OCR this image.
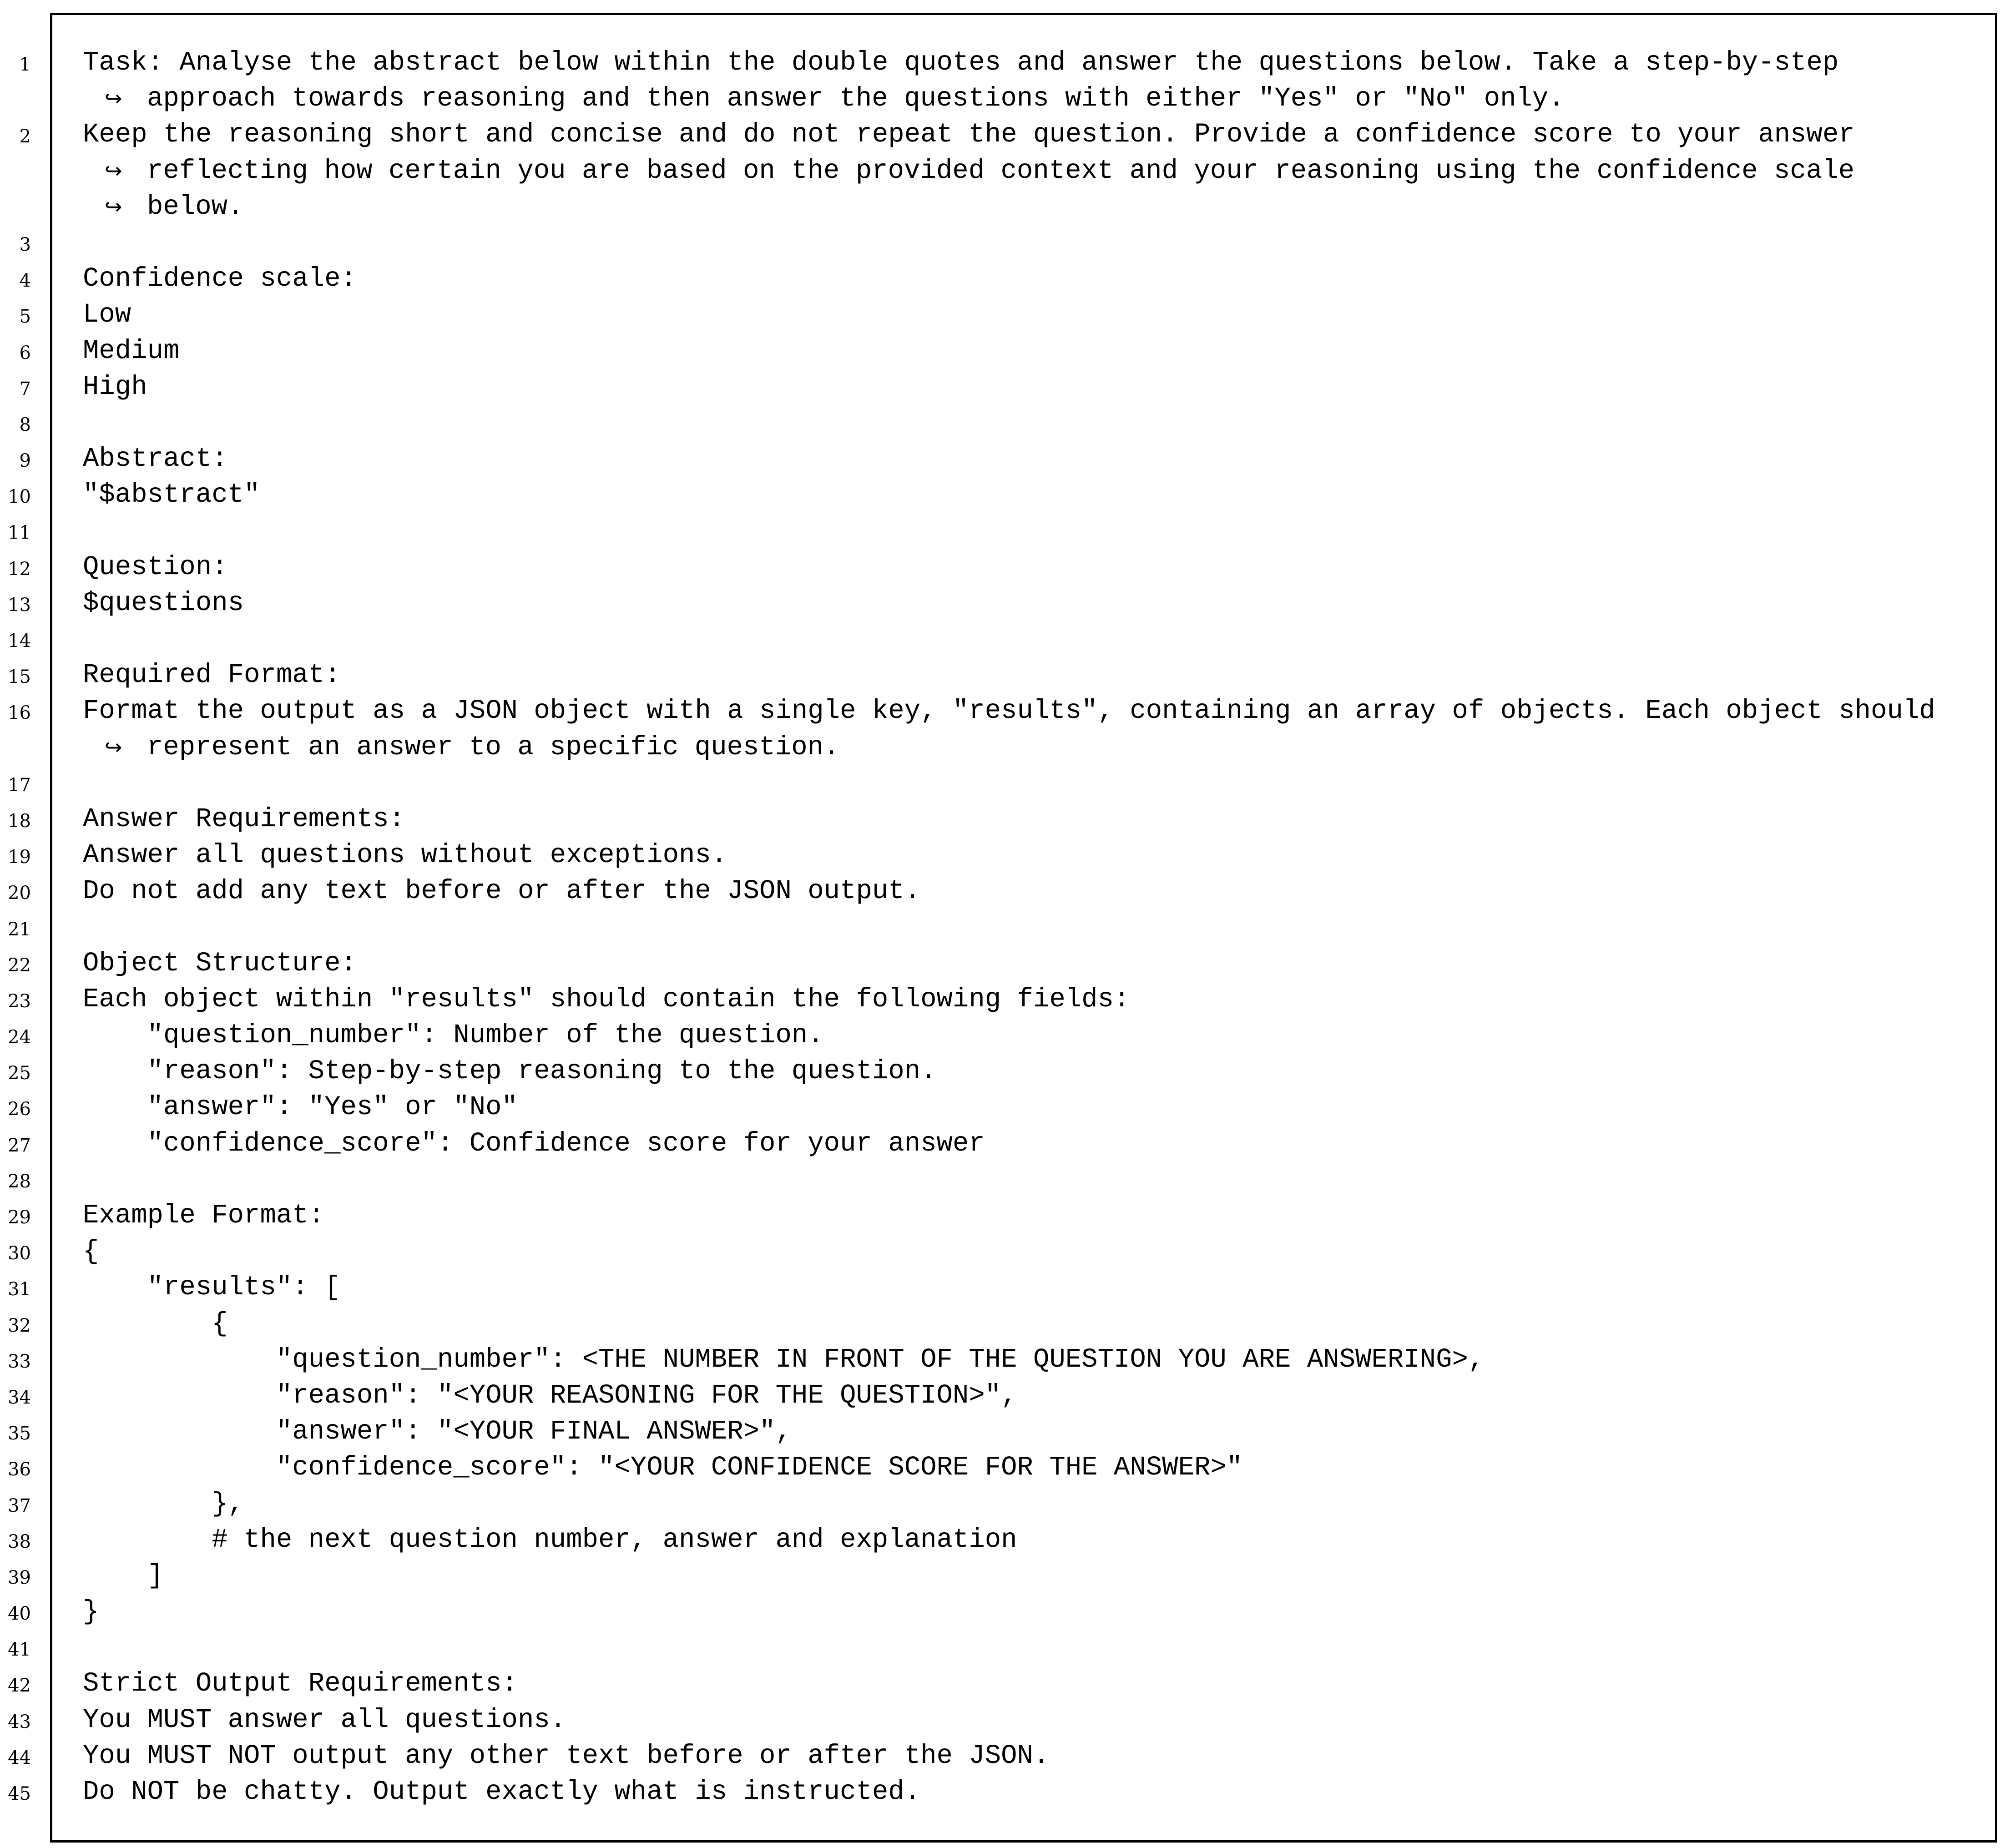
1 Task: Analyse the abstract below within the double quotes and answer the questions below. Take a step-by-step
↪ approach towards reasoning and then answer the questions with either "Yes" or "No" only.
2 Keep the reasoning short and concise and do not repeat the question. Provide a confidence score to your answer
↪ reflecting how certain you are based on the provided context and your reasoning using the confidence scale
↪ below.
3
4 Confidence scale:
5 Low
6 Medium
7 High
8
9 Abstract:
10 "$abstract"
11
12 Question:
13 $questions
14
15 Required Format:
16 Format the output as a JSON object with a single key, "results", containing an array of objects. Each object should
↪ represent an answer to a specific question.
17
18 Answer Requirements:
19 Answer all questions without exceptions.
20 Do not add any text before or after the JSON output.
21
22 Object Structure:
23 Each object within "results" should contain the following fields:
24 "question_number": Number of the question.
25 "reason": Step-by-step reasoning to the question.
26 "answer": "Yes" or "No"
27 "confidence_score": Confidence score for your answer
28
29 Example Format:
30 {
31 "results": [
32 {
33 "question_number": <THE NUMBER IN FRONT OF THE QUESTION YOU ARE ANSWERING>,
34 "reason": "<YOUR REASONING FOR THE QUESTION>",
35 "answer": "<YOUR FINAL ANSWER>",
36 "confidence_score": "<YOUR CONFIDENCE SCORE FOR THE ANSWER>"
37 },
38 # the next question number, answer and explanation
39 ]
40 }
41
42 Strict Output Requirements:
43 You MUST answer all questions.
44 You MUST NOT output any other text before or after the JSON.
45 Do NOT be chatty. Output exactly what is instructed.
